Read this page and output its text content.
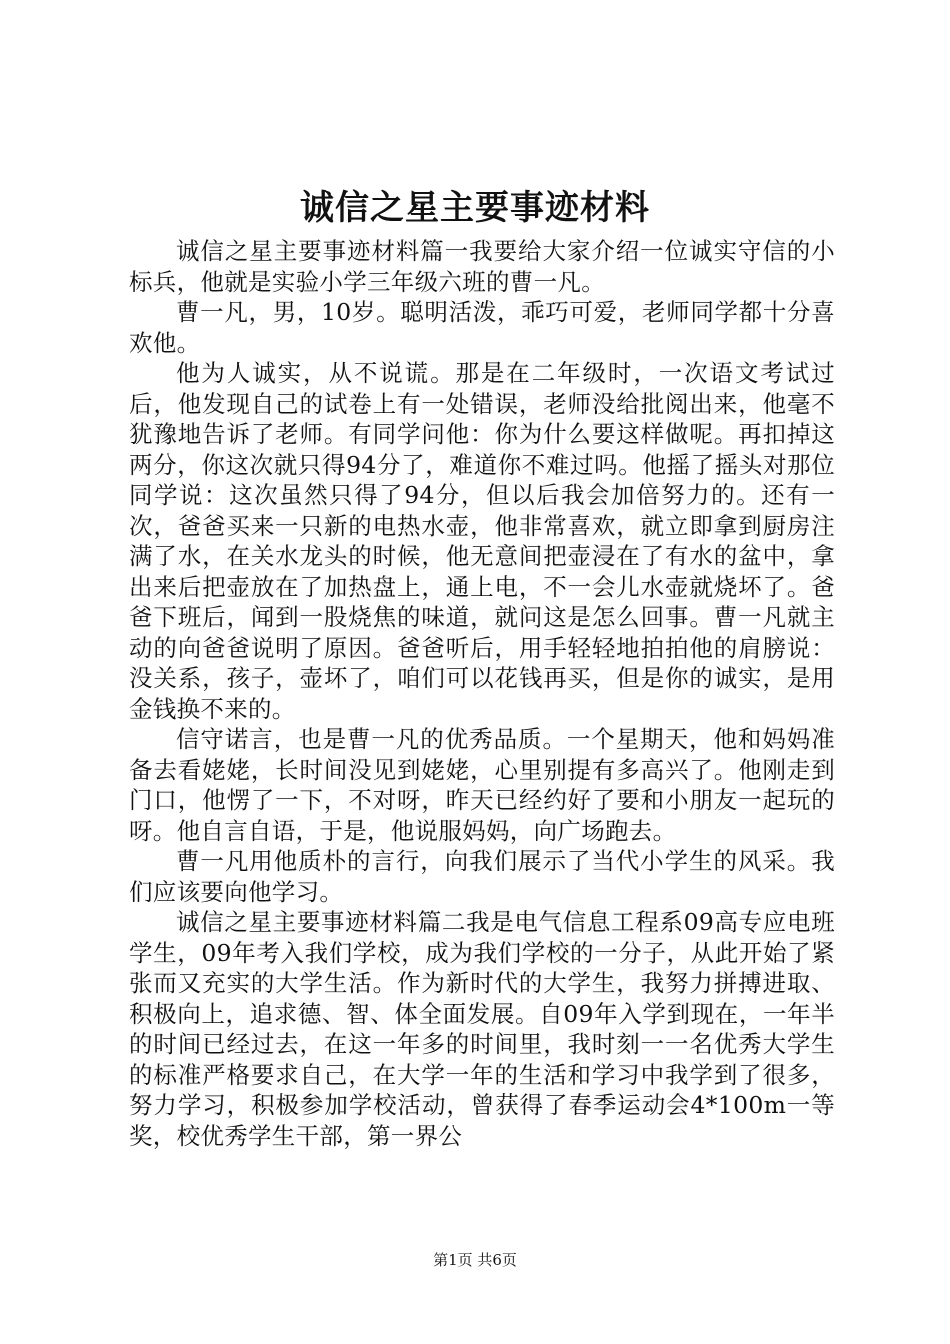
诚信之星主要事迹材料

诚信之星主要事迹材料篇一我要给大家介绍一位诚实守信的小标兵，他就是实验小学三年级六班的曹一凡。

曹一凡，男，10岁。聪明活泼，乖巧可爱，老师同学都十分喜欢他。

他为人诚实，从不说谎。那是在二年级时，一次语文考试过后，他发现自己的试卷上有一处错误，老师没给批阅出来，他毫不犹豫地告诉了老师。有同学问他：你为什么要这样做呢。再扣掉这两分，你这次就只得94分了，难道你不难过吗。他摇了摇头对那位同学说：这次虽然只得了94分，但以后我会加倍努力的。还有一次，爸爸买来一只新的电热水壶，他非常喜欢，就立即拿到厨房注满了水，在关水龙头的时候，他无意间把壶浸在了有水的盆中，拿出来后把壶放在了加热盘上，通上电，不一会儿水壶就烧坏了。爸爸下班后，闻到一股烧焦的味道，就问这是怎么回事。曹一凡就主动的向爸爸说明了原因。爸爸听后，用手轻轻地拍拍他的肩膀说：没关系，孩子，壶坏了，咱们可以花钱再买，但是你的诚实，是用金钱换不来的。

信守诺言，也是曹一凡的优秀品质。一个星期天，他和妈妈准备去看姥姥，长时间没见到姥姥，心里别提有多高兴了。他刚走到门口，他愣了一下，不对呀，昨天已经约好了要和小朋友一起玩的呀。他自言自语，于是，他说服妈妈，向广场跑去。

曹一凡用他质朴的言行，向我们展示了当代小学生的风采。我们应该要向他学习。

诚信之星主要事迹材料篇二我是电气信息工程系09高专应电班学生，09年考入我们学校，成为我们学校的一分子，从此开始了紧张而又充实的大学生活。作为新时代的大学生，我努力拼搏进取、积极向上，追求德、智、体全面发展。自09年入学到现在，一年半的时间已经过去，在这一年多的时间里，我时刻一一名优秀大学生的标准严格要求自己，在大学一年的生活和学习中我学到了很多，努力学习，积极参加学校活动，曾获得了春季运动会4*100m一等奖，校优秀学生干部，第一界公

第1页 共6页
